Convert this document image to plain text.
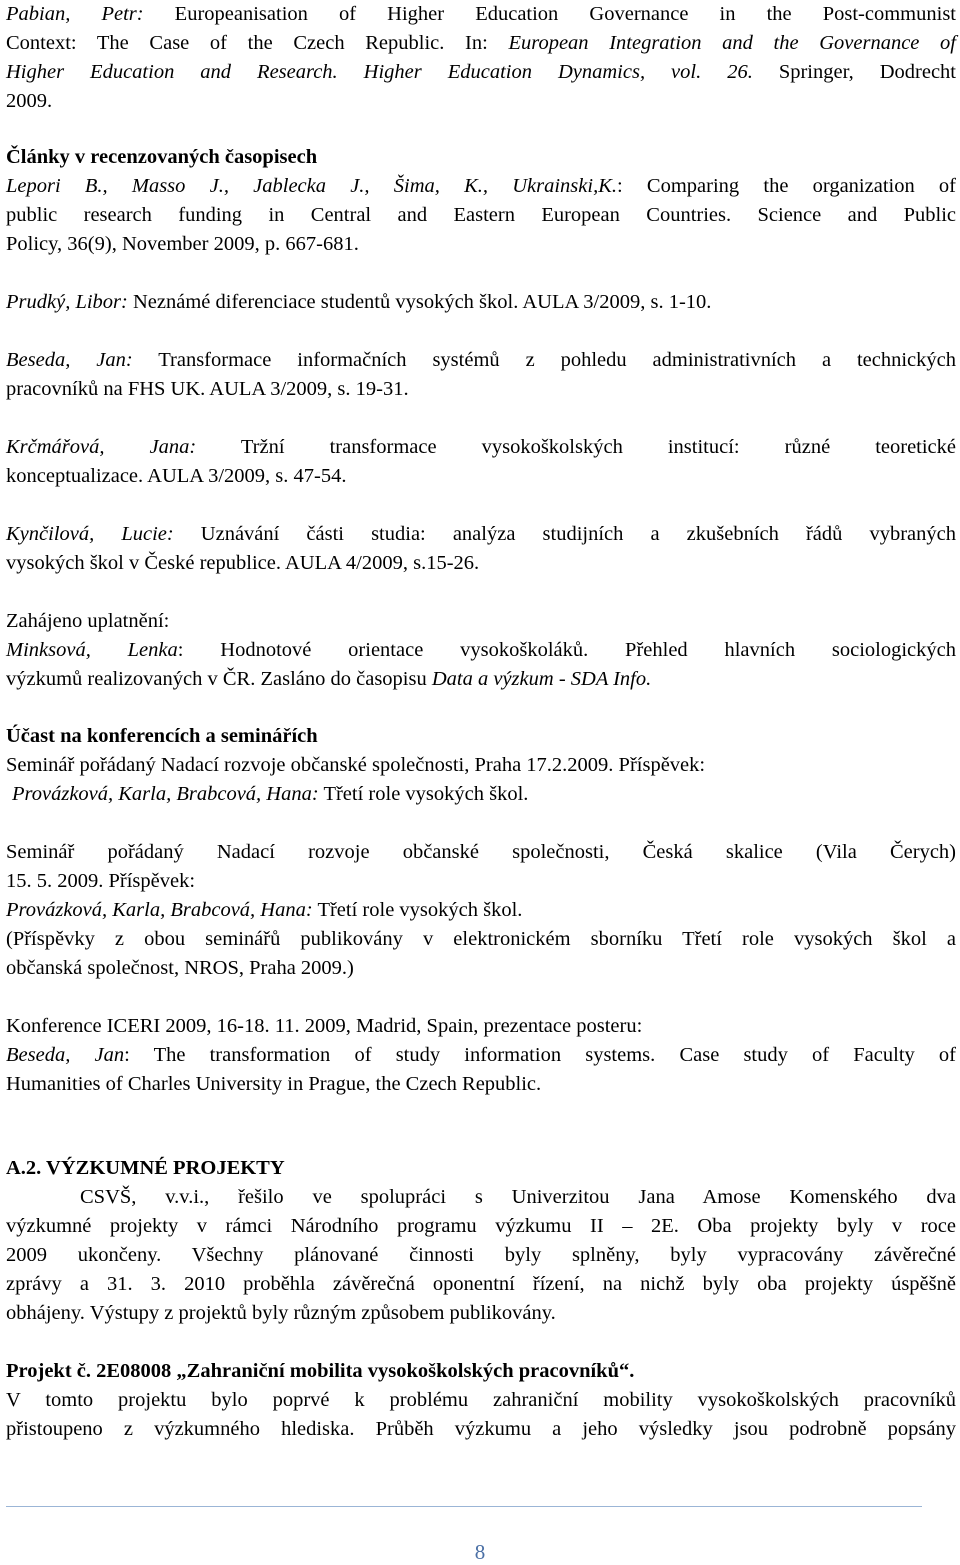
Pabian, Petr: Europeanisation of Higher Education Governance in the Post-communist

Context: The Case of the Czech Republic. In: European Integration and the Governance of

Higher Education and Research. Higher Education Dynamics, vol. 26. Springer, Dodrecht

2009.

Články v recenzovaných časopisech

Lepori B., Masso J., Jablecka J., Šima, K., Ukrainski,K.: Comparing the organization of

public research funding in Central and Eastern European Countries. Science and Public

Policy, 36(9), November 2009, p. 667-681.

Prudký, Libor: Neznámé diferenciace studentů vysokých škol. AULA 3/2009, s. 1-10.

Beseda, Jan: Transformace informačních systémů z pohledu administrativních a technických

pracovníků na FHS UK. AULA 3/2009, s. 19-31.

Krčmářová, Jana: Tržní transformace vysokoškolských institucí: různé teoretické

konceptualizace. AULA 3/2009, s. 47-54.

Kynčilová, Lucie: Uznávání části studia: analýza studijních a zkušebních řádů vybraných

vysokých škol v České republice. AULA 4/2009, s.15-26.

Zahájeno uplatnění:

Minksová, Lenka: Hodnotové orientace vysokoškoláků. Přehled hlavních sociologických

výzkumů realizovaných v ČR. Zasláno do časopisu Data a výzkum - SDA Info.

Účast na konferencích a seminářích

Seminář pořádaný Nadací rozvoje občanské společnosti, Praha 17.2.2009. Příspěvek:

Provázková, Karla, Brabcová, Hana: Třetí role vysokých škol.

Seminář pořádaný Nadací rozvoje občanské společnosti, Česká skalice (Vila Čerych)

15. 5. 2009. Příspěvek:

Provázková, Karla, Brabcová, Hana: Třetí role vysokých škol.

(Příspěvky z obou seminářů publikovány v elektronickém sborníku Třetí role vysokých škol a

občanská společnost, NROS, Praha 2009.)

Konference ICERI 2009, 16-18. 11. 2009, Madrid, Spain, prezentace posteru:

Beseda, Jan: The transformation of study information systems. Case study of Faculty of

Humanities of Charles University in Prague, the Czech Republic.

A.2. VÝZKUMNÉ PROJEKTY

CSVŠ, v.v.i., řešilo ve spolupráci s Univerzitou Jana Amose Komenského dva

výzkumné projekty v rámci Národního programu výzkumu II – 2E. Oba projekty byly v roce

2009 ukončeny. Všechny plánované činnosti byly splněny, byly vypracovány závěrečné

zprávy a 31. 3. 2010 proběhla závěrečná oponentní řízení, na nichž byly oba projekty úspěšně

obhájeny. Výstupy z projektů byly různým způsobem publikovány.

Projekt č. 2E08008 „Zahraniční mobilita vysokoškolských pracovníků“.

V tomto projektu bylo poprvé k problému zahraniční mobility vysokoškolských pracovníků

přistoupeno z výzkumného hlediska. Průběh výzkumu a jeho výsledky jsou podrobně popsány

8
